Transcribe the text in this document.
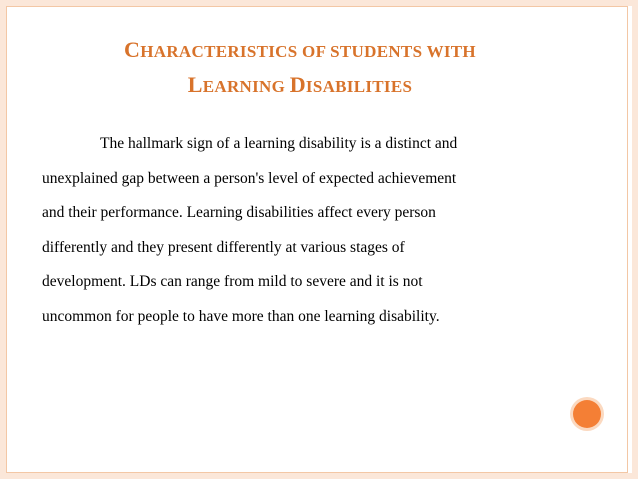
CHARACTERISTICS OF STUDENTS WITH
LEARNING DISABILITIES
The hallmark sign of a learning disability is a distinct and
unexplained gap between a person's level of expected achievement
and their performance. Learning disabilities affect every person
differently and they present differently at various stages of
development. LDs can range from mild to severe and it is not
uncommon for people to have more than one learning disability.
